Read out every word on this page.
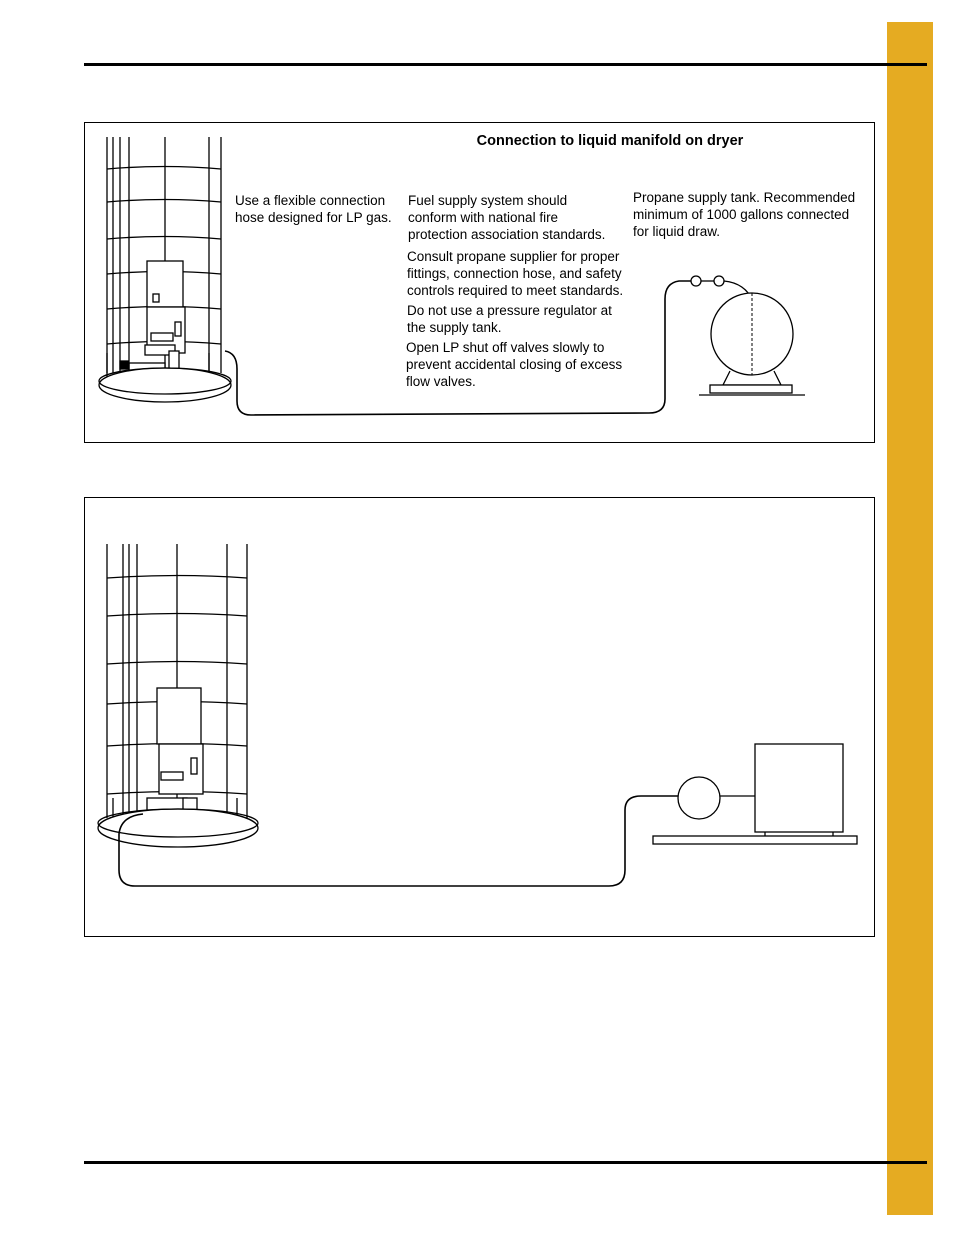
Connection to liquid manifold on dryer
Use a flexible connection
hose designed for LP gas.
Fuel supply system should
conform with national fire
protection association standards.
Consult propane supplier for proper
fittings, connection hose, and safety
controls required to meet standards.
Do not use a pressure regulator at
the supply tank.
Open LP shut off valves slowly to
prevent accidental closing of excess
flow valves.
Propane supply tank. Recommended
minimum of 1000 gallons connected
for liquid draw.
